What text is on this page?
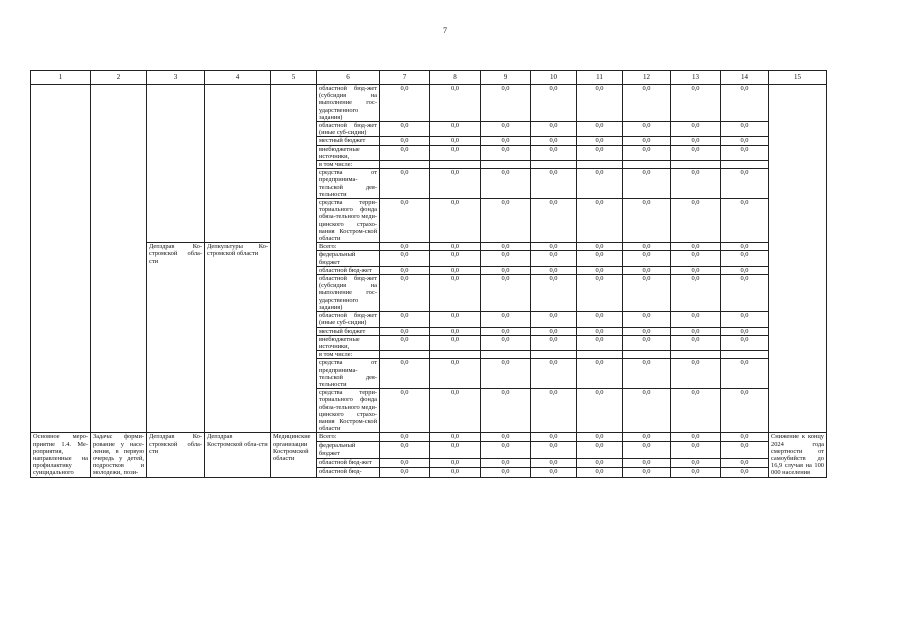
7
1	2	3	4	5	6	7	8	9	10	11	12	13	14	15
					областной бюд-жет (субсидия на выполнение гос-ударственного задания)	0,0	0,0	0,0	0,0	0,0	0,0	0,0	0,0	
					областной бюд-жет (иные суб-сидии)	0,0	0,0	0,0	0,0	0,0	0,0	0,0	0,0	
					местный бюджет	0,0	0,0	0,0	0,0	0,0	0,0	0,0	0,0	
					внебюджетные источники,	0,0	0,0	0,0	0,0	0,0	0,0	0,0	0,0	
					в том числе:									
					средства от предпринима-тельской дея-тельности	0,0	0,0	0,0	0,0	0,0	0,0	0,0	0,0	
					средства терри-ториального фонда обяза-тельного меди-цинского страхо-вания Костром-ской области	0,0	0,0	0,0	0,0	0,0	0,0	0,0	0,0	
		Депздрав Ко-стромской обла-сти	Депкультуры Ко-стромской области		Всего:	0,0	0,0	0,0	0,0	0,0	0,0	0,0	0,0	
					федеральный бюджет	0,0	0,0	0,0	0,0	0,0	0,0	0,0	0,0	
					областной бюд-жет	0,0	0,0	0,0	0,0	0,0	0,0	0,0	0,0	
					областной бюд-жет (субсидия на выполнение гос-ударственного задания)	0,0	0,0	0,0	0,0	0,0	0,0	0,0	0,0	
					областной бюд-жет (иные суб-сидии)	0,0	0,0	0,0	0,0	0,0	0,0	0,0	0,0	
					местный бюджет	0,0	0,0	0,0	0,0	0,0	0,0	0,0	0,0	
					внебюджетные источники,	0,0	0,0	0,0	0,0	0,0	0,0	0,0	0,0	
					в том числе:									
					средства от предпринима-тельской дея-тельности	0,0	0,0	0,0	0,0	0,0	0,0	0,0	0,0	
					средства терри-ториального фонда обяза-тельного меди-цинского страхо-вания Костром-ской области	0,0	0,0	0,0	0,0	0,0	0,0	0,0	0,0	
Основное меро-приятие 1.4. Ме-роприятия, направленные на профилактику суицидального	Задача: форми-рование у насе-ления, в первую очередь у детей, подростков и молодежи, пози-	Депздрав Ко-стромской обла-сти	Депздрав Костромской обла-сти	Медицинские организации Костромской области	Всего:	0,0	0,0	0,0	0,0	0,0	0,0	0,0	0,0	Снижение к концу 2024 года смертности от самоубийств до 16,9 случая на 100 000 населения
					федеральный бюджет	0,0	0,0	0,0	0,0	0,0	0,0	0,0	0,0	
					областной бюд-жет	0,0	0,0	0,0	0,0	0,0	0,0	0,0	0,0	
					областной бюд-	0,0	0,0	0,0	0,0	0,0	0,0	0,0	0,0	
